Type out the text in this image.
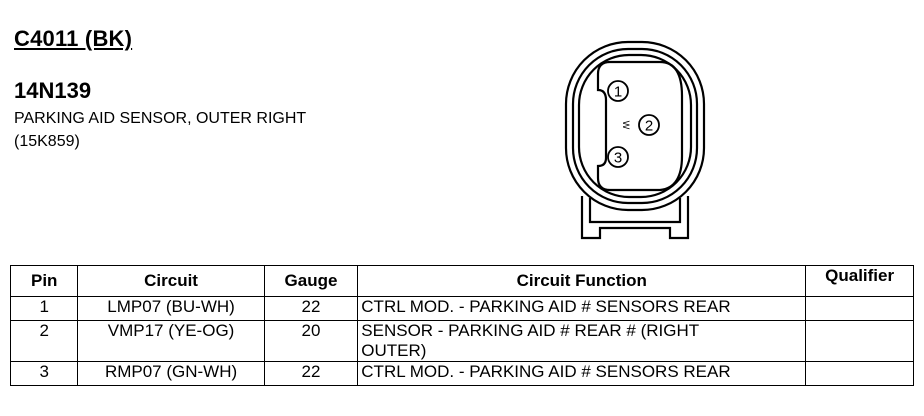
C4011 (BK)
14N139
PARKING AID SENSOR, OUTER RIGHT
(15K859)
1
2
3
W
Pin	Circuit	Gauge	Circuit Function	Qualifier
1	LMP07 (BU-WH)	22	CTRL MOD. - PARKING AID # SENSORS REAR	
2	VMP17 (YE-OG)	20	SENSOR - PARKING AID # REAR # (RIGHT
OUTER)	

3	RMP07 (GN-WH)	22	CTRL MOD. - PARKING AID # SENSORS REAR	
